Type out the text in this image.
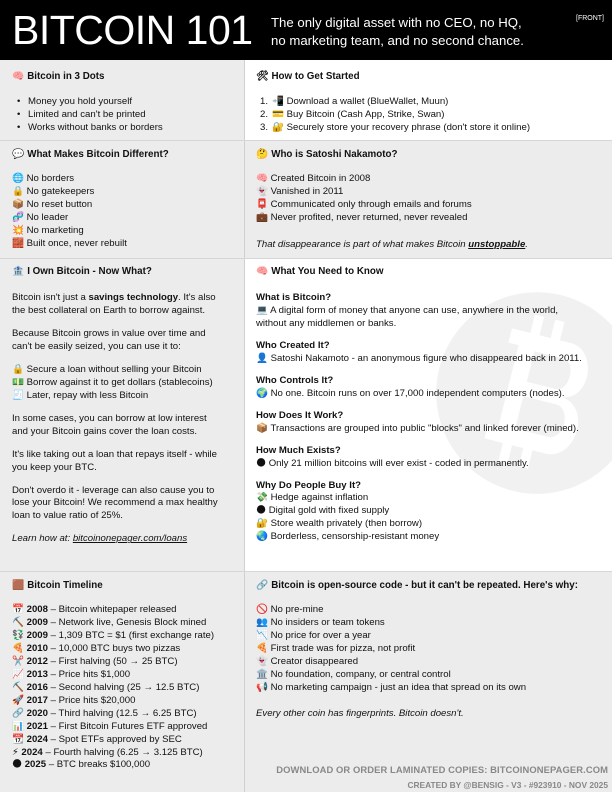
BITCOIN 101 The only digital asset with no CEO, no HQ,
no marketing team, and no second chance.
[FRONT]
🧠 Bitcoin in 3 Dots
• Money you hold yourself
• Limited and can't be printed
• Works without banks or borders
🛠 How to Get Started
1. 📲 Download a wallet (BlueWallet, Muun)
2. 💳 Buy Bitcoin (Cash App, Strike, Swan)
3. 🔐 Securely store your recovery phrase (don't store it online)
💬 What Makes Bitcoin Different?
🌐 No borders
🔒 No gatekeepers
📦 No reset button
🧬 No leader
💥 No marketing
🧱 Built once, never rebuilt
🤔 Who is Satoshi Nakamoto?
🧠 Created Bitcoin in 2008
👻 Vanished in 2011
📮 Communicated only through emails and forums
💼 Never profited, never returned, never revealed
That disappearance is part of what makes Bitcoin unstoppable.
🏦 I Own Bitcoin - Now What?
Bitcoin isn't just a savings technology. It's also
the best collateral on Earth to borrow against.
Because Bitcoin grows in value over time and
can't be easily seized, you can use it to:
🔒 Secure a loan without selling your Bitcoin
💵 Borrow against it to get dollars (stablecoins)
🧾 Later, repay with less Bitcoin
In some cases, you can borrow at low interest
and your Bitcoin gains cover the loan costs.
It's like taking out a loan that repays itself - while
you keep your BTC.
Don't overdo it - leverage can also cause you to
lose your Bitcoin! We recommend a max healthy
loan to value ratio of 25%.
Learn how at: bitcoinonepager.com/loans
🧠 What You Need to Know
What is Bitcoin?
💻 A digital form of money that anyone can use, anywhere in the world,
without any middlemen or banks.
Who Created It?
👤 Satoshi Nakamoto - an anonymous figure who disappeared back in 2011.
Who Controls It?
🌍 No one. Bitcoin runs on over 17,000 independent computers (nodes).
How Does It Work?
📦 Transactions are grouped into public "blocks" and linked forever (mined).
How Much Exists?
🌑 Only 21 million bitcoins will ever exist - coded in permanently.
Why Do People Buy It?
💸 Hedge against inflation
🌑 Digital gold with fixed supply
🔐 Store wealth privately (then borrow)
🌏 Borderless, censorship-resistant money
🟫 Bitcoin Timeline
📅 2008 – Bitcoin whitepaper released
⛏️ 2009 – Network live, Genesis Block mined
💱 2009 – 1,309 BTC = $1 (first exchange rate)
🍕 2010 – 10,000 BTC buys two pizzas
✂️ 2012 – First halving (50 → 25 BTC)
📈 2013 – Price hits $1,000
⛏️ 2016 – Second halving (25 → 12.5 BTC)
🚀 2017 – Price hits $20,000
🔗 2020 – Third halving (12.5 → 6.25 BTC)
📊 2021 – First Bitcoin Futures ETF approved
📆 2024 – Spot ETFs approved by SEC
⚡ 2024 – Fourth halving (6.25 → 3.125 BTC)
🌑 2025 – BTC breaks $100,000
🔗 Bitcoin is open-source code - but it can't be repeated. Here's why:
🚫 No pre-mine
👥 No insiders or team tokens
📉 No price for over a year
🍕 First trade was for pizza, not profit
👻 Creator disappeared
🏛️ No foundation, company, or central control
📢 No marketing campaign - just an idea that spread on its own
Every other coin has fingerprints. Bitcoin doesn't.
DOWNLOAD OR ORDER LAMINATED COPIES: BITCOINONEPAGER.COM
CREATED BY @BENSIG - V3 - #923910 - NOV 2025
